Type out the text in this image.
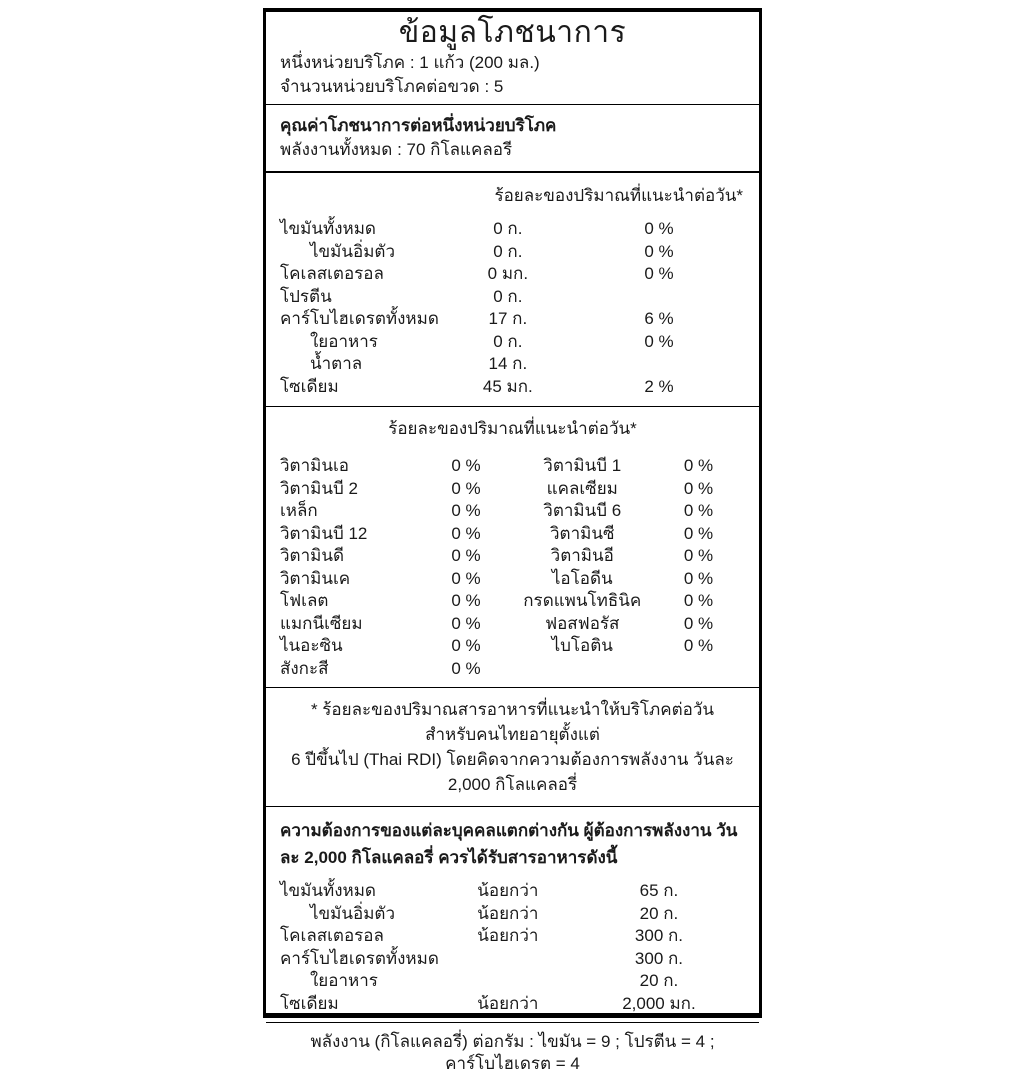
ข้อมูลโภชนาการ
หนึ่งหน่วยบริโภค : 1 แก้ว (200 มล.)
จำนวนหน่วยบริโภคต่อขวด : 5
คุณค่าโภชนาการต่อหนึ่งหน่วยบริโภค
พลังงานทั้งหมด : 70 กิโลแคลอรี
ร้อยละของปริมาณที่แนะนำต่อวัน*
ไขมันทั้งหมด	0 ก.	0 %
ไขมันอิ่มตัว	0 ก.	0 %
โคเลสเตอรอล	0 มก.	0 %
โปรตีน	0 ก.
คาร์โบไฮเดรตทั้งหมด	17 ก.	6 %
ใยอาหาร	0 ก.	0 %
น้ำตาล	14 ก.
โซเดียม	45 มก.	2 %
ร้อยละของปริมาณที่แนะนำต่อวัน*
วิตามินเอ	0 %	วิตามินบี 1	0 %
วิตามินบี 2	0 %	แคลเซียม	0 %
เหล็ก	0 %	วิตามินบี 6	0 %
วิตามินบี 12	0 %	วิตามินซี	0 %
วิตามินดี	0 %	วิตามินอี	0 %
วิตามินเค	0 %	ไอโอดีน	0 %
โฟเลต	0 %	กรดแพนโทธินิค	0 %
แมกนีเซียม	0 %	ฟอสฟอรัส	0 %
ไนอะซิน	0 %	ไบโอติน	0 %
สังกะสี	0 %
* ร้อยละของปริมาณสารอาหารที่แนะนำให้บริโภคต่อวัน สำหรับคนไทยอายุตั้งแต่
6 ปีขึ้นไป (Thai RDI) โดยคิดจากความต้องการพลังงาน วันละ 2,000 กิโลแคลอรี่
ความต้องการของแต่ละบุคคลแตกต่างกัน ผู้ต้องการพลังงาน วันละ 2,000 กิโลแคลอรี่ ควรได้รับสารอาหารดังนี้
ไขมันทั้งหมด	น้อยกว่า	65 ก.
ไขมันอิ่มตัว	น้อยกว่า	20 ก.
โคเลสเตอรอล	น้อยกว่า	300 ก.
คาร์โบไฮเดรตทั้งหมด	300 ก.
ใยอาหาร	20 ก.
โซเดียม	น้อยกว่า	2,000 มก.
พลังงาน (กิโลแคลอรี่) ต่อกรัม : ไขมัน = 9 ; โปรตีน = 4 ; คาร์โบไฮเดรต = 4
